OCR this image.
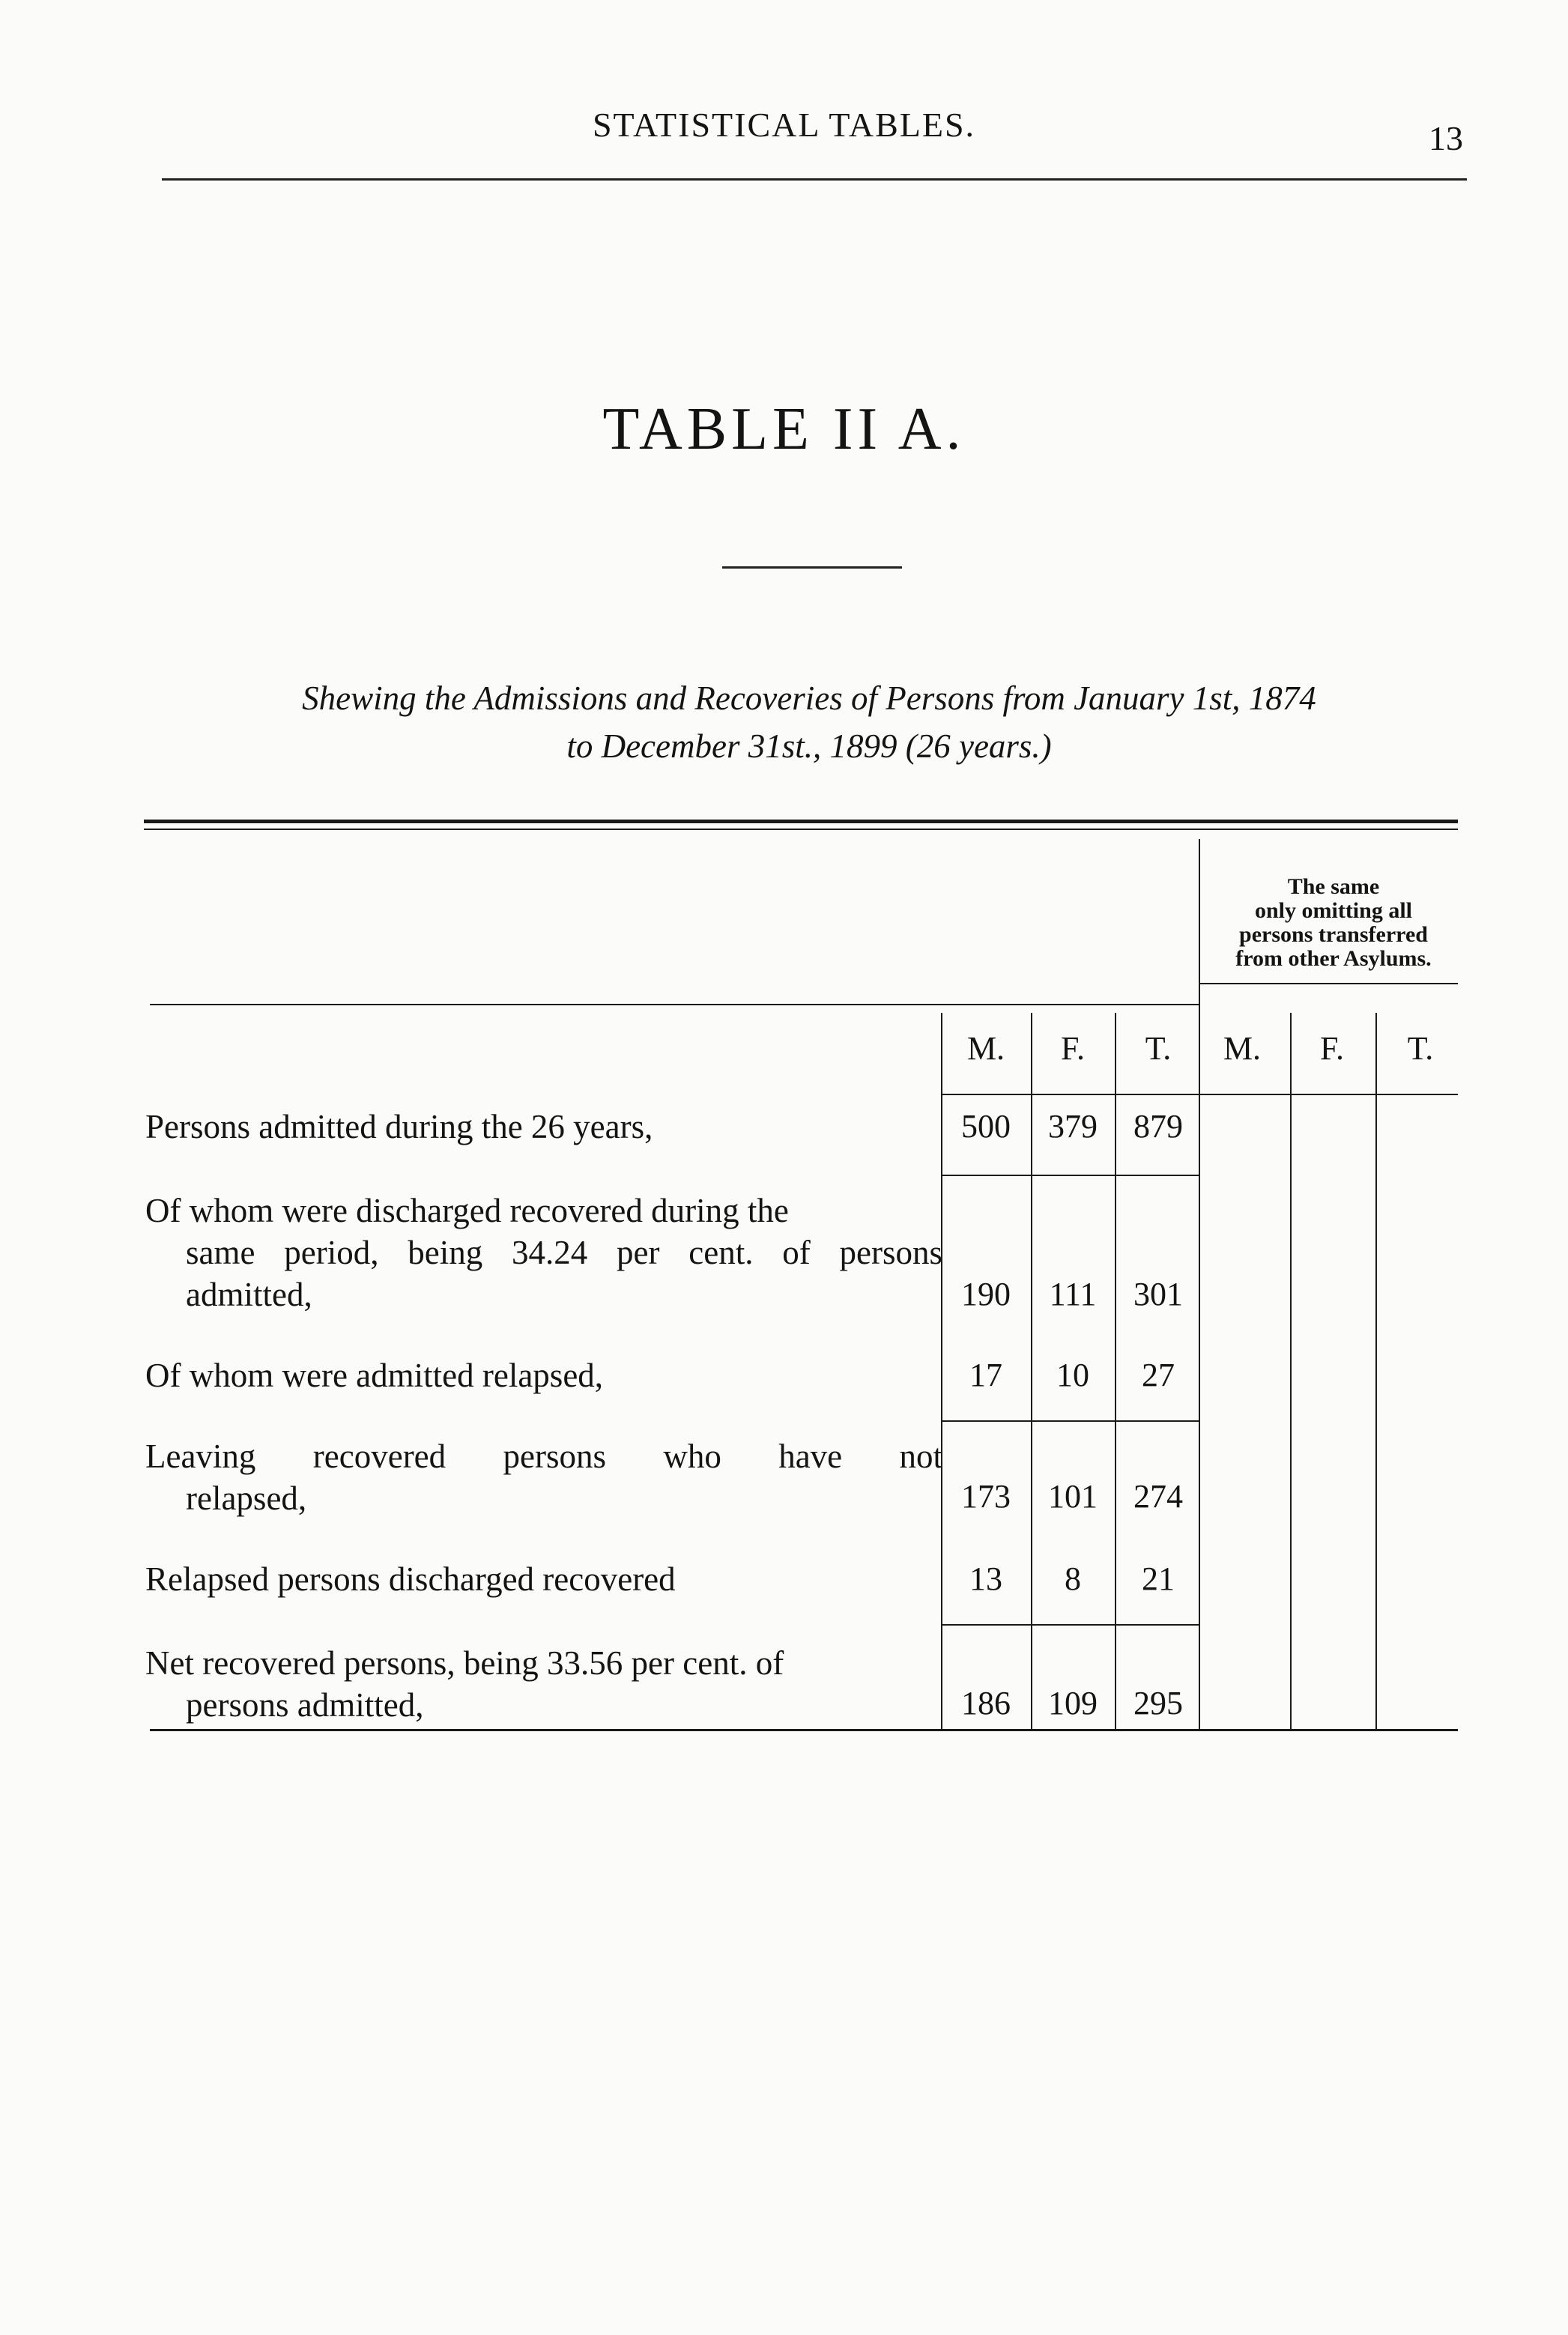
STATISTICAL TABLES.	13
TABLE II A.
Shewing the Admissions and Recoveries of Persons from January 1st, 1874
to December 31st., 1899 (26 years.)
The same
only omitting all
persons transferred
from other Asylums.
M.	F.	T.	M.	F.	T.
Persons admitted during the 26 years,	500	379	879
Of whom were discharged recovered during the
same period, being 34.24 per cent. of persons
admitted,	190	111	301
Of whom were admitted relapsed,	17	10	27
Leaving recovered persons who have not
relapsed,	173	101	274
Relapsed persons discharged recovered	13	8	21
Net recovered persons, being 33.56 per cent. of
persons admitted,	186	109	295
